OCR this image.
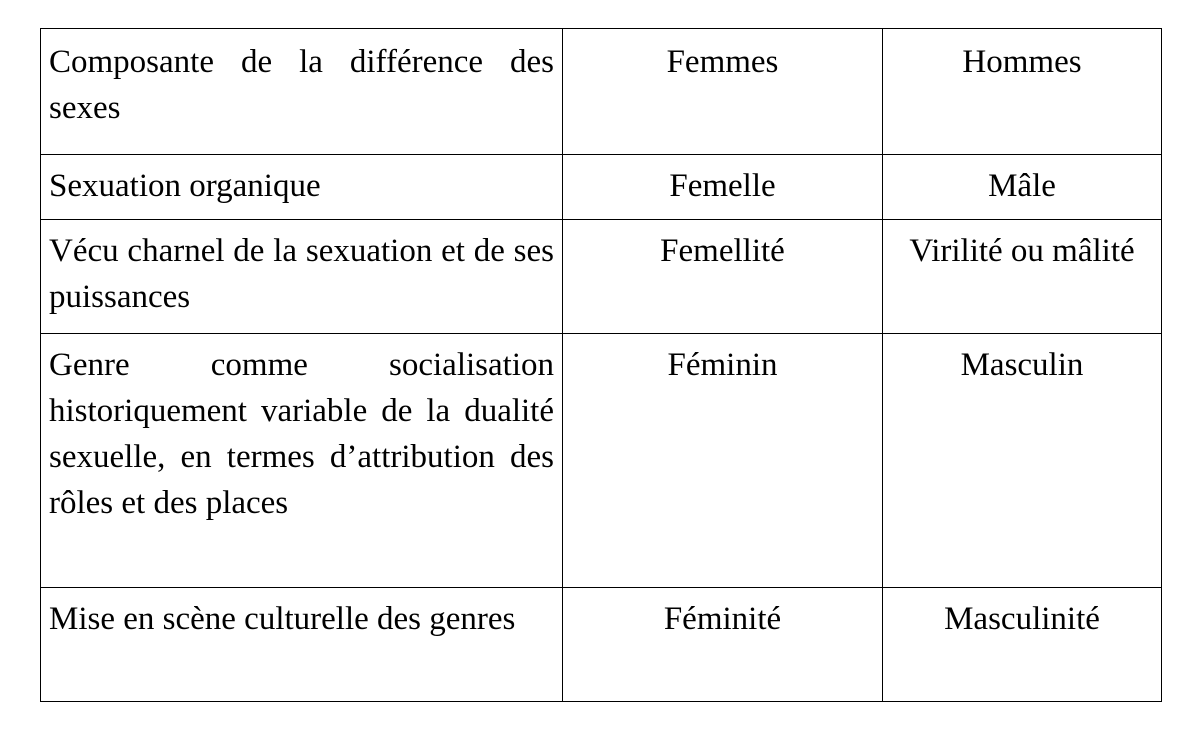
Composante de la différence des sexes	Femmes	Hommes
Sexuation organique	Femelle	Mâle
Vécu charnel de la sexuation et de ses puissances	Femellité	Virilité ou mâlité
Genre comme socialisation historiquement variable de la dualité sexuelle, en termes d’attribution des rôles et des places	Féminin	Masculin
Mise en scène culturelle des genres	Féminité	Masculinité
